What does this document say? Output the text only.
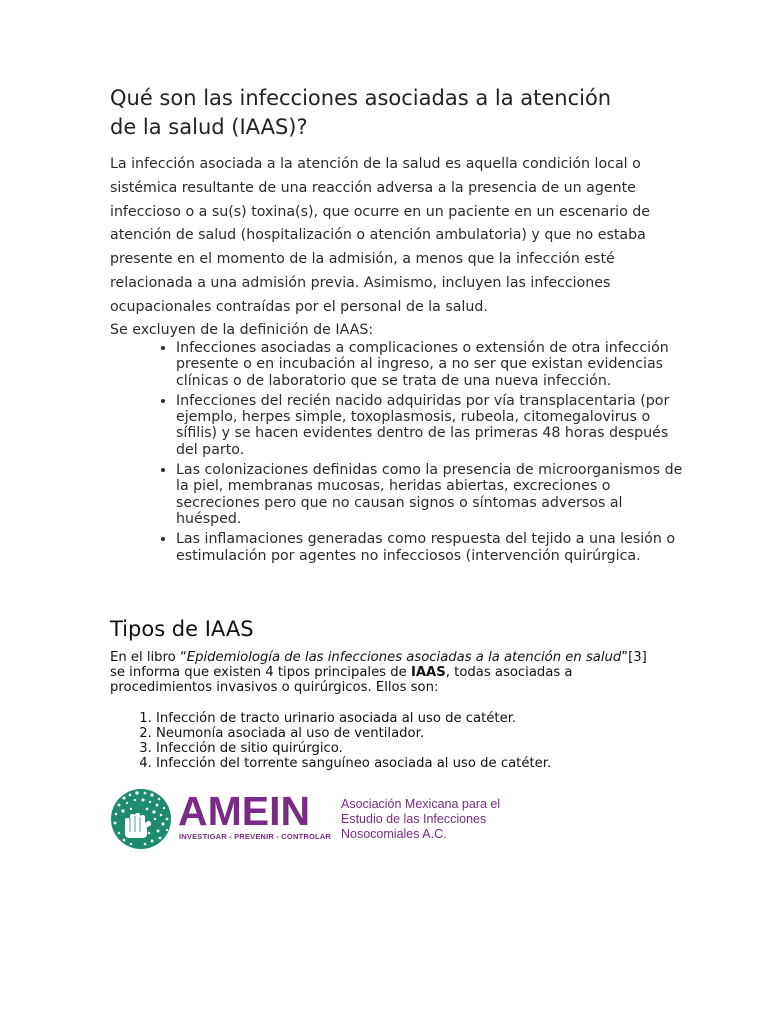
Qué son las infecciones asociadas a la atención
de la salud (IAAS)?

La infección asociada a la atención de la salud es aquella condición local o sistémica resultante de una reacción adversa a la presencia de un agente infeccioso o a su(s) toxina(s), que ocurre en un paciente en un escenario de atención de salud (hospitalización o atención ambulatoria) y que no estaba presente en el momento de la admisión, a menos que la infección esté relacionada a una admisión previa. Asimismo, incluyen las infecciones ocupacionales contraídas por el personal de la salud.

Se excluyen de la definición de IAAS:

• Infecciones asociadas a complicaciones o extensión de otra infección presente o en incubación al ingreso, a no ser que existan evidencias clínicas o de laboratorio que se trata de una nueva infección.
• Infecciones del recién nacido adquiridas por vía transplacentaria (por ejemplo, herpes simple, toxoplasmosis, rubeola, citomegalovirus o sífilis) y se hacen evidentes dentro de las primeras 48 horas después del parto.
• Las colonizaciones definidas como la presencia de microorganismos de la piel, membranas mucosas, heridas abiertas, excreciones o secreciones pero que no causan signos o síntomas adversos al huésped.
• Las inflamaciones generadas como respuesta del tejido a una lesión o estimulación por agentes no infecciosos (intervención quirúrgica.
Tipos de IAAS

En el libro “Epidemiología de las infecciones asociadas a la atención en salud”[3] se informa que existen 4 tipos principales de IAAS, todas asociadas a procedimientos invasivos o quirúrgicos. Ellos son:

1. Infección de tracto urinario asociada al uso de catéter.
2. Neumonía asociada al uso de ventilador.
3. Infección de sitio quirúrgico.
4. Infección del torrente sanguíneo asociada al uso de catéter.
AMEIN
INVESTIGAR - PREVENIR - CONTROLAR
Asociación Mexicana para el
Estudio de las Infecciones
Nosocomiales A.C.
